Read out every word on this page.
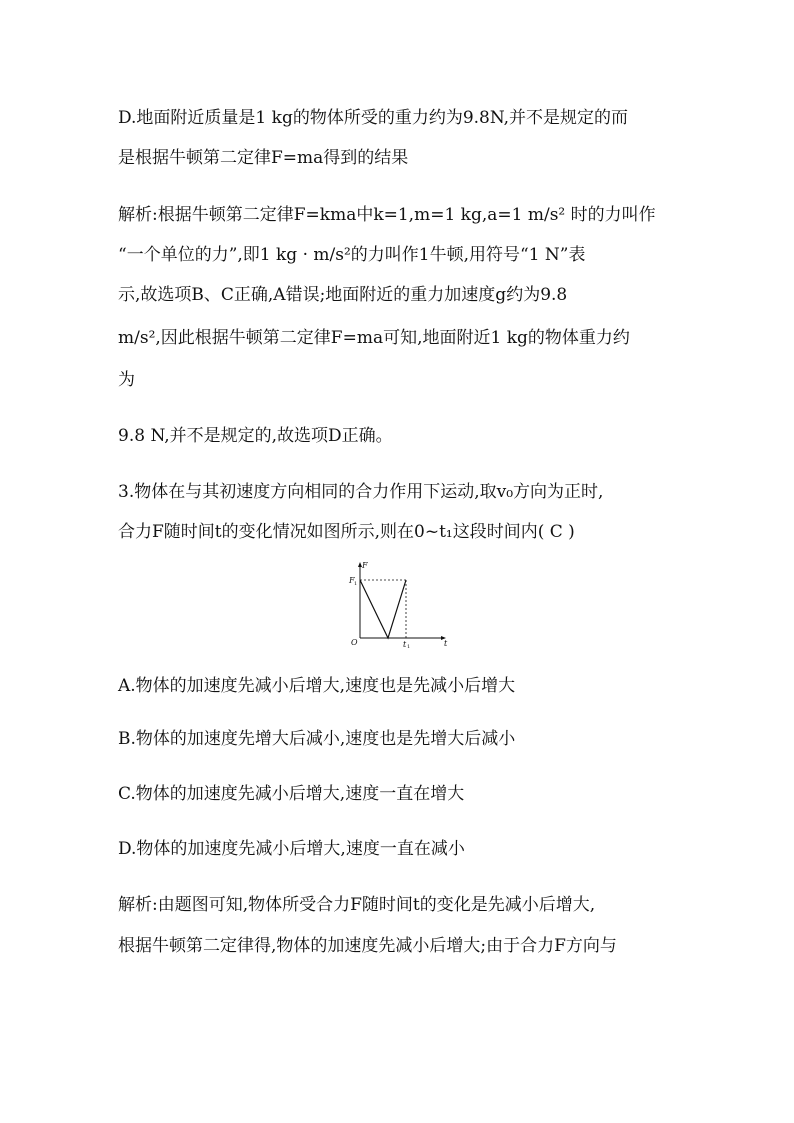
D.地面附近质量是1 kg的物体所受的重力约为9.8N,并不是规定的而
是根据牛顿第二定律F=ma得到的结果
解析:根据牛顿第二定律F=kma中k=1,m=1 kg,a=1 m/s² 时的力叫作
“一个单位的力”,即1 kg · m/s²的力叫作1牛顿,用符号“1 N”表
示,故选项B、C正确,A错误;地面附近的重力加速度g约为9.8
m/s²,因此根据牛顿第二定律F=ma可知,地面附近1 kg的物体重力约
为
9.8 N,并不是规定的,故选项D正确。
3.物体在与其初速度方向相同的合力作用下运动,取v₀方向为正时,
合力F随时间t的变化情况如图所示,则在0~t₁这段时间内( C )
F
t
O
F 1
t 1
A.物体的加速度先减小后增大,速度也是先减小后增大
B.物体的加速度先增大后减小,速度也是先增大后减小
C.物体的加速度先减小后增大,速度一直在增大
D.物体的加速度先减小后增大,速度一直在减小
解析:由题图可知,物体所受合力F随时间t的变化是先减小后增大,
根据牛顿第二定律得,物体的加速度先减小后增大;由于合力F方向与
